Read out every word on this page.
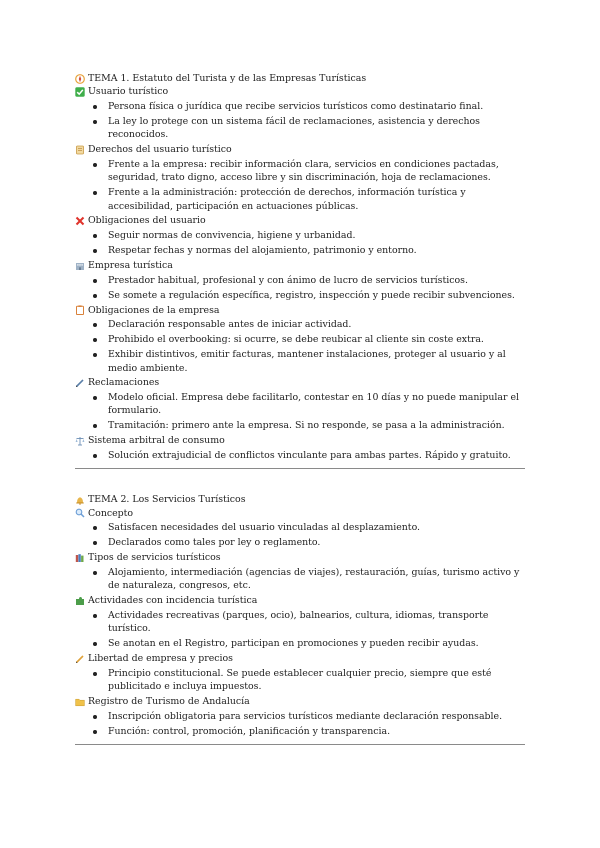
TEMA 1. Estatuto del Turista y de las Empresas Turísticas
Usuario turístico
Persona física o jurídica que recibe servicios turísticos como destinatario final.
La ley lo protege con un sistema fácil de reclamaciones, asistencia y derechos reconocidos.
Derechos del usuario turístico
Frente a la empresa: recibir información clara, servicios en condiciones pactadas, seguridad, trato digno, acceso libre y sin discriminación, hoja de reclamaciones.
Frente a la administración: protección de derechos, información turística y accesibilidad, participación en actuaciones públicas.
Obligaciones del usuario
Seguir normas de convivencia, higiene y urbanidad.
Respetar fechas y normas del alojamiento, patrimonio y entorno.
Empresa turística
Prestador habitual, profesional y con ánimo de lucro de servicios turísticos.
Se somete a regulación específica, registro, inspección y puede recibir subvenciones.
Obligaciones de la empresa
Declaración responsable antes de iniciar actividad.
Prohibido el overbooking: si ocurre, se debe reubicar al cliente sin coste extra.
Exhibir distintivos, emitir facturas, mantener instalaciones, proteger al usuario y al medio ambiente.
Reclamaciones
Modelo oficial. Empresa debe facilitarlo, contestar en 10 días y no puede manipular el formulario.
Tramitación: primero ante la empresa. Si no responde, se pasa a la administración.
Sistema arbitral de consumo
Solución extrajudicial de conflictos vinculante para ambas partes. Rápido y gratuito.
TEMA 2. Los Servicios Turísticos
Concepto
Satisfacen necesidades del usuario vinculadas al desplazamiento.
Declarados como tales por ley o reglamento.
Tipos de servicios turísticos
Alojamiento, intermediación (agencias de viajes), restauración, guías, turismo activo y de naturaleza, congresos, etc.
Actividades con incidencia turística
Actividades recreativas (parques, ocio), balnearios, cultura, idiomas, transporte turístico.
Se anotan en el Registro, participan en promociones y pueden recibir ayudas.
Libertad de empresa y precios
Principio constitucional. Se puede establecer cualquier precio, siempre que esté publicitado e incluya impuestos.
Registro de Turismo de Andalucía
Inscripción obligatoria para servicios turísticos mediante declaración responsable.
Función: control, promoción, planificación y transparencia.
